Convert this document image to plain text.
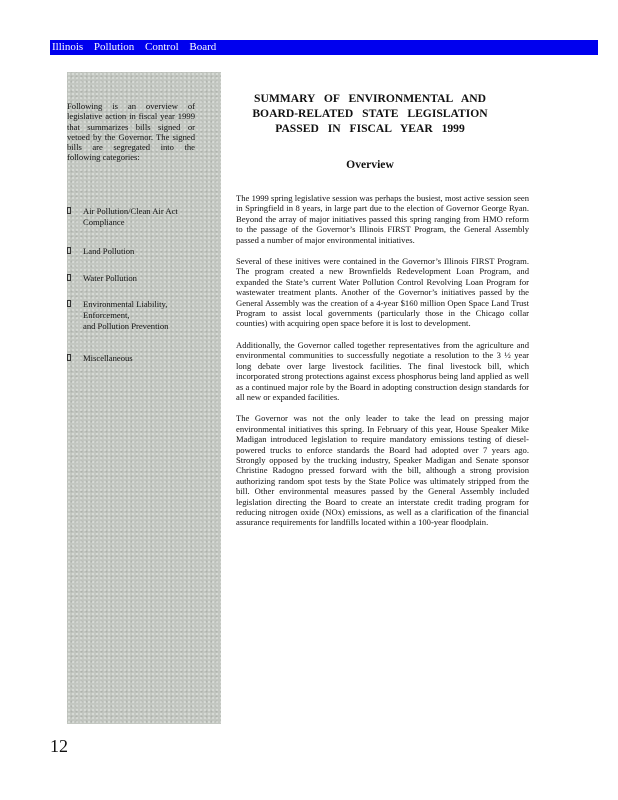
Illinois Pollution Control Board

Following is an overview of legislative action in fiscal year 1999 that summarizes bills signed or vetoed by the Governor. The signed bills are segregated into the following categories:

Air Pollution/Clean Air Act
Compliance
Land Pollution
Water Pollution
Environmental Liability,
Enforcement,
and Pollution Prevention
Miscellaneous
SUMMARY OF ENVIRONMENTAL AND BOARD-RELATED STATE LEGISLATION PASSED IN FISCAL YEAR 1999
Overview

The 1999 spring legislative session was perhaps the busiest, most active session seen in Springfield in 8 years, in large part due to the election of Governor George Ryan. Beyond the array of major initiatives passed this spring ranging from HMO reform to the passage of the Governor’s Illinois FIRST Program, the General Assembly passed a number of major environmental initiatives.

Several of these initives were contained in the Governor’s Illinois FIRST Program. The program created a new Brownfields Redevelopment Loan Program, and expanded the State’s current Water Pollution Control Revolving Loan Program for wastewater treatment plants. Another of the Governor’s initiatives passed by the General Assembly was the creation of a 4-year $160 million Open Space Land Trust Program to assist local governments (particularly those in the Chicago collar counties) with acquiring open space before it is lost to development.

Additionally, the Governor called together representatives from the agriculture and environmental communities to successfully negotiate a resolution to the 3 ½ year long debate over large livestock facilities. The final livestock bill, which incorporated strong protections against excess phosphorus being land applied as well as a continued major role by the Board in adopting construction design standards for all new or expanded facilities.

The Governor was not the only leader to take the lead on pressing major environmental initiatives this spring. In February of this year, House Speaker Mike Madigan introduced legislation to require mandatory emissions testing of diesel-powered trucks to enforce standards the Board had adopted over 7 years ago. Strongly opposed by the trucking industry, Speaker Madigan and Senate sponsor Christine Radogno pressed forward with the bill, although a strong provision authorizing random spot tests by the State Police was ultimately stripped from the bill. Other environmental measures passed by the General Assembly included legislation directing the Board to create an interstate credit trading program for reducing nitrogen oxide (NOx) emissions, as well as a clarification of the financial assurance requirements for landfills located within a 100-year floodplain.

12
